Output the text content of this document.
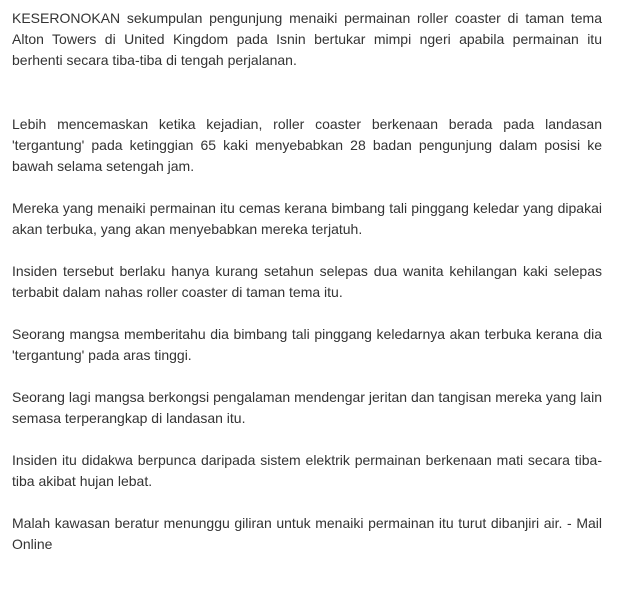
KESERONOKAN sekumpulan pengunjung menaiki permainan roller coaster di taman tema Alton Towers di United Kingdom pada Isnin bertukar mimpi ngeri apabila permainan itu berhenti secara tiba-tiba di tengah perjalanan.

Lebih mencemaskan ketika kejadian, roller coaster berkenaan berada pada landasan 'tergantung' pada ketinggian 65 kaki menyebabkan 28 badan pengunjung dalam posisi ke bawah selama setengah jam.

Mereka yang menaiki permainan itu cemas kerana bimbang tali pinggang keledar yang dipakai akan terbuka, yang akan menyebabkan mereka terjatuh.

Insiden tersebut berlaku hanya kurang setahun selepas dua wanita kehilangan kaki selepas terbabit dalam nahas roller coaster di taman tema itu.

Seorang mangsa memberitahu dia bimbang tali pinggang keledarnya akan terbuka kerana dia 'tergantung' pada aras tinggi.

Seorang lagi mangsa berkongsi pengalaman mendengar jeritan dan tangisan mereka yang lain semasa terperangkap di landasan itu.

Insiden itu didakwa berpunca daripada sistem elektrik permainan berkenaan mati secara tiba-tiba akibat hujan lebat.

Malah kawasan beratur menunggu giliran untuk menaiki permainan itu turut dibanjiri air. - Mail Online
